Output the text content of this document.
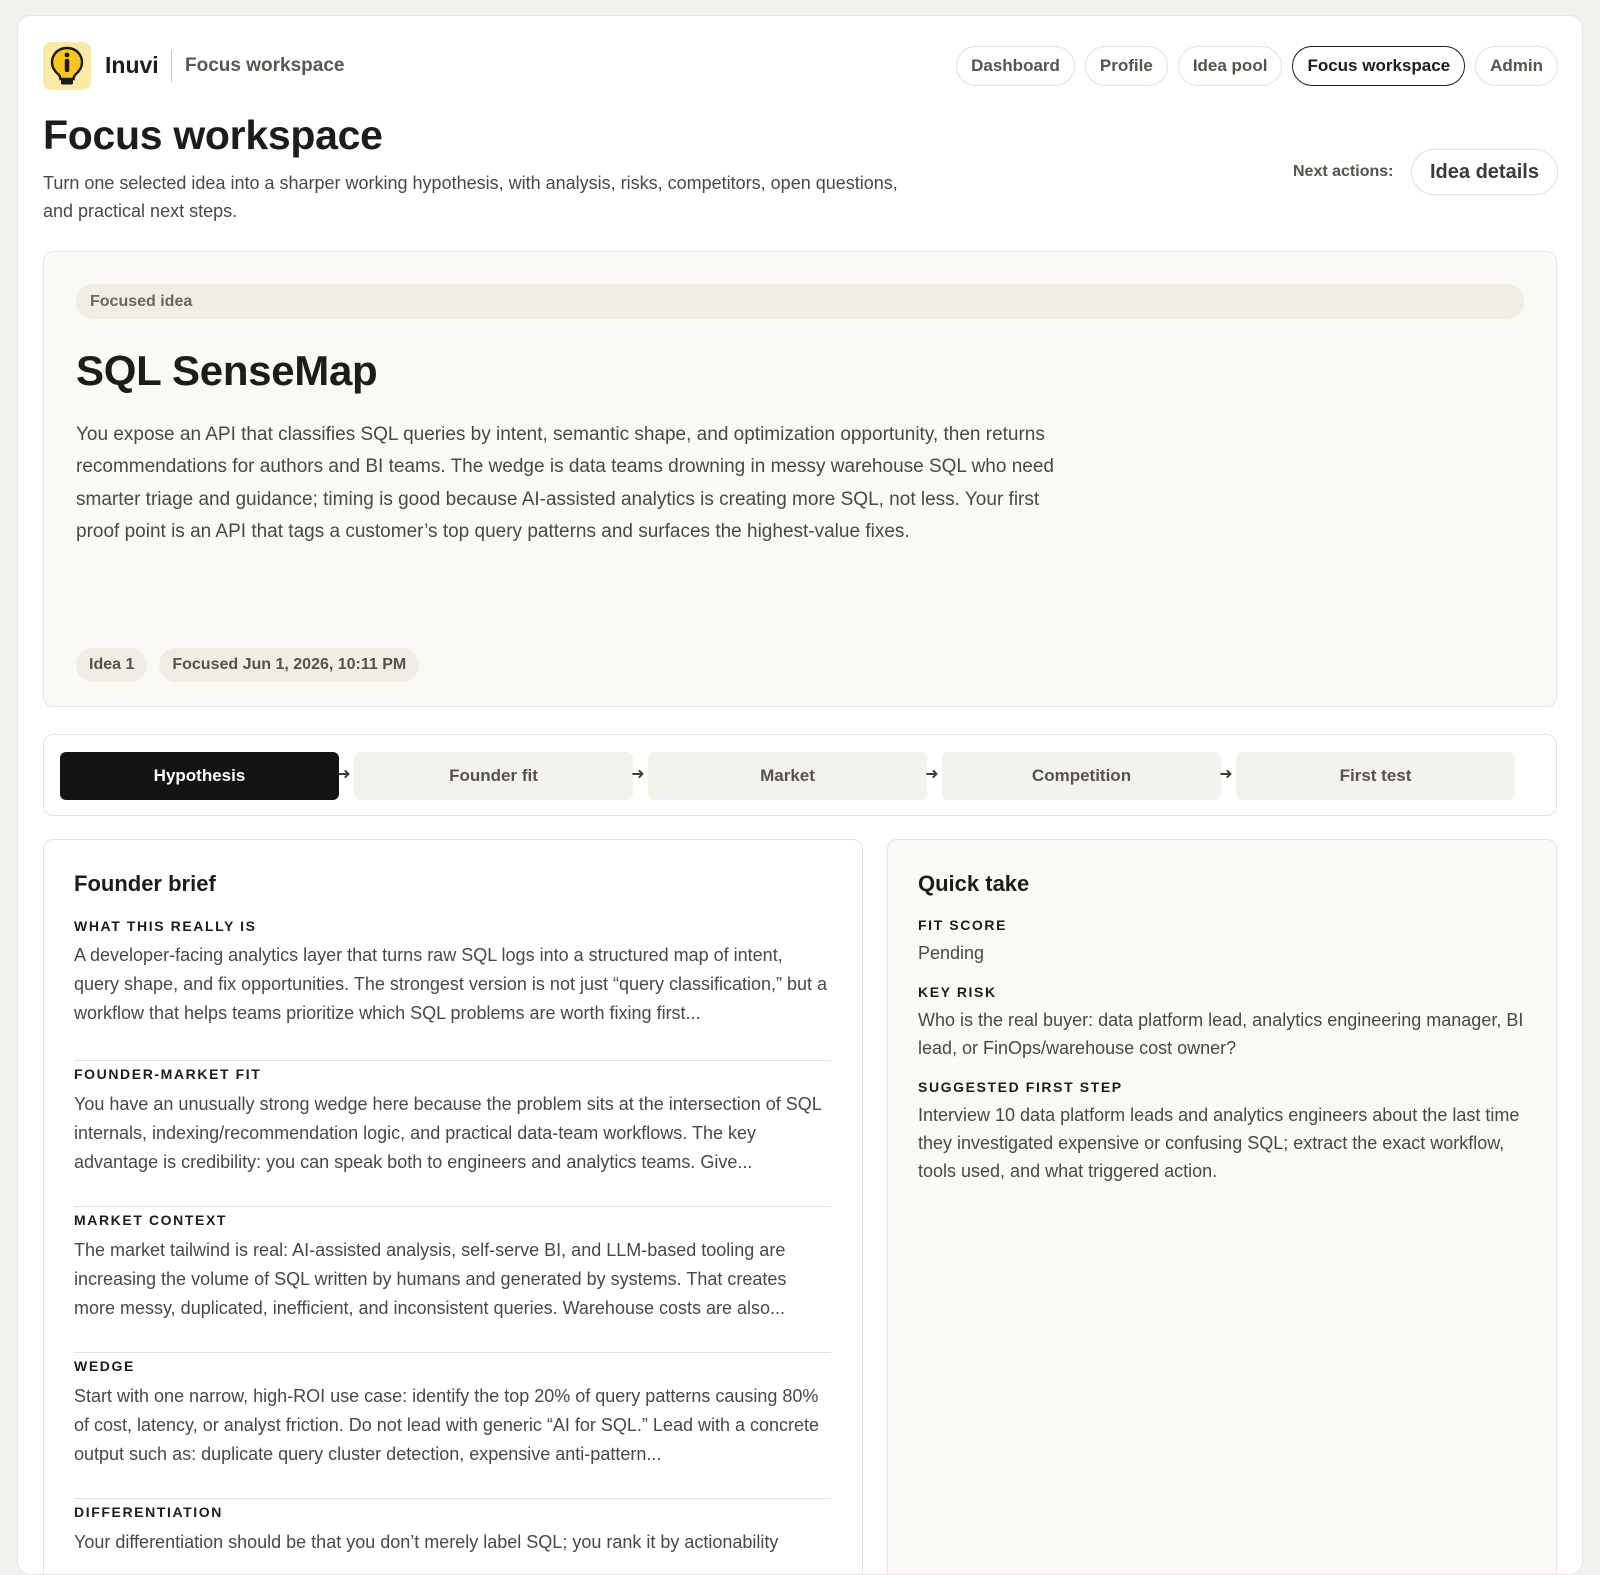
Inuvi Focus workspace	Dashboard	Profile	Idea pool	Focus workspace	Admin
Focus workspace

Turn one selected idea into a sharper working hypothesis, with analysis, risks, competitors, open questions, and practical next steps.

Next actions:	Idea details
Focused idea
SQL SenseMap

You expose an API that classifies SQL queries by intent, semantic shape, and optimization opportunity, then returns recommendations for authors and BI teams. The wedge is data teams drowning in messy warehouse SQL who need smarter triage and guidance; timing is good because AI-assisted analytics is creating more SQL, not less. Your first proof point is an API that tags a customer’s top query patterns and surfaces the highest-value fixes.

Idea 1	Focused Jun 1, 2026, 10:11 PM
Hypothesis	➜	Founder fit	➜	Market	➜	Competition	➜	First test
Founder brief
WHAT THIS REALLY IS

A developer-facing analytics layer that turns raw SQL logs into a structured map of intent, query shape, and fix opportunities. The strongest version is not just “query classification,” but a workflow that helps teams prioritize which SQL problems are worth fixing first...

FOUNDER-MARKET FIT

You have an unusually strong wedge here because the problem sits at the intersection of SQL internals, indexing/recommendation logic, and practical data-team workflows. The key advantage is credibility: you can speak both to engineers and analytics teams. Give...

MARKET CONTEXT

The market tailwind is real: AI-assisted analysis, self-serve BI, and LLM-based tooling are increasing the volume of SQL written by humans and generated by systems. That creates more messy, duplicated, inefficient, and inconsistent queries. Warehouse costs are also...

WEDGE

Start with one narrow, high-ROI use case: identify the top 20% of query patterns causing 80% of cost, latency, or analyst friction. Do not lead with generic “AI for SQL.” Lead with a concrete output such as: duplicate query cluster detection, expensive anti-pattern...

DIFFERENTIATION

Your differentiation should be that you don’t merely label SQL; you rank it by actionability

Quick take
FIT SCORE

Pending

KEY RISK

Who is the real buyer: data platform lead, analytics engineering manager, BI lead, or FinOps/warehouse cost owner?

SUGGESTED FIRST STEP

Interview 10 data platform leads and analytics engineers about the last time they investigated expensive or confusing SQL; extract the exact workflow, tools used, and what triggered action.
